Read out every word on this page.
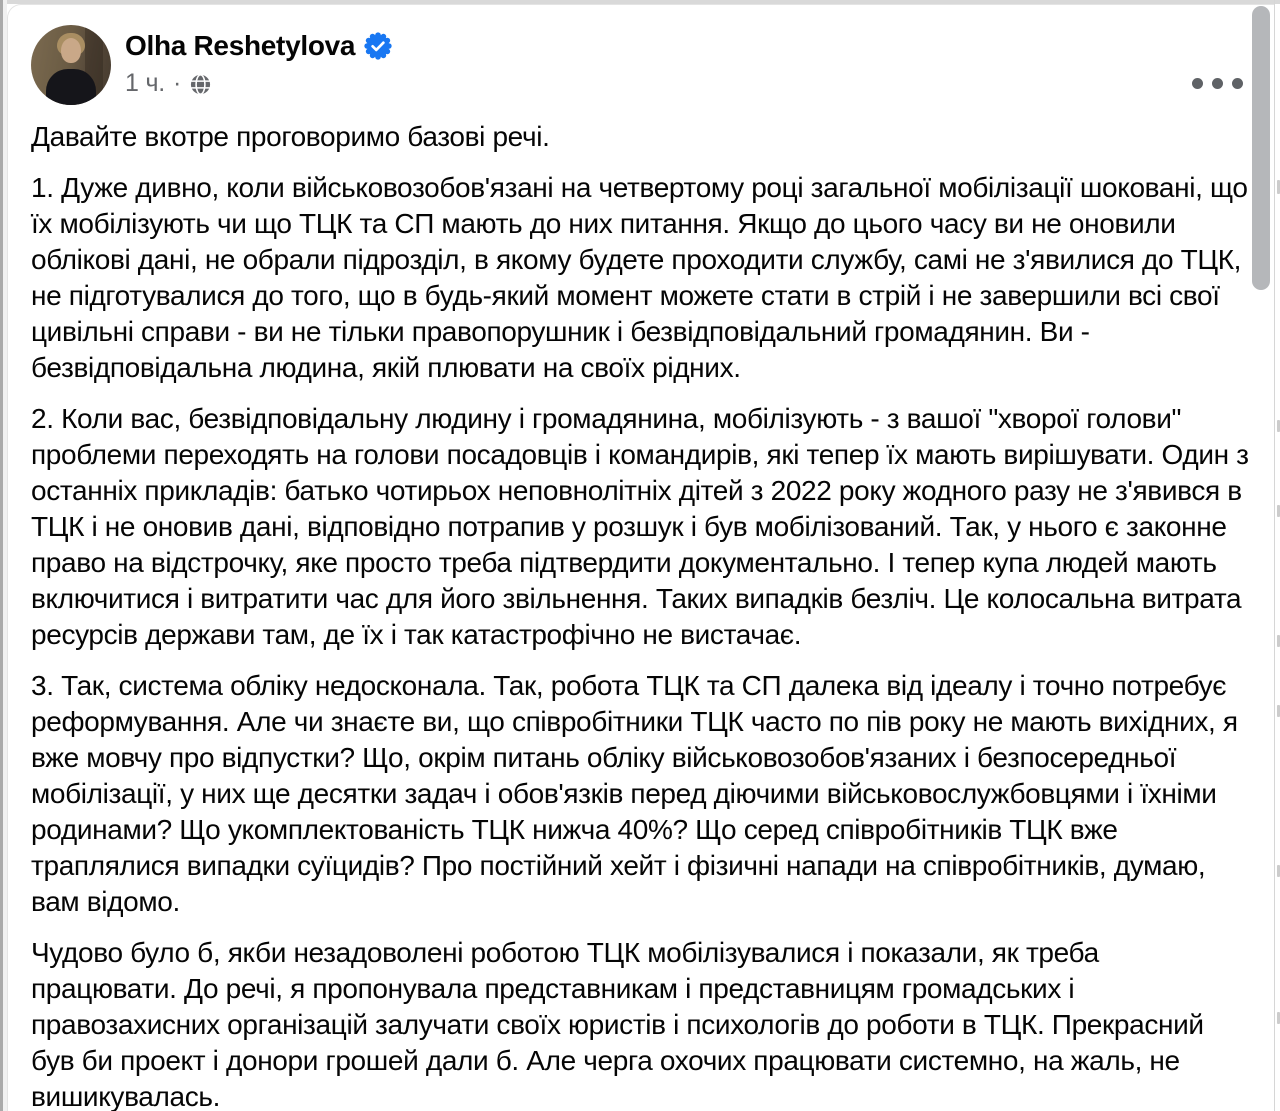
Olha Reshetylova
1 ч. ·

Давайте вкотре проговоримо базові речі.

1. Дуже дивно, коли військовозобов'язані на четвертому році загальної мобілізації шоковані, що їх мобілізують чи що ТЦК та СП мають до них питання. Якщо до цього часу ви не оновили облікові дані, не обрали підрозділ, в якому будете проходити службу, самі не з'явилися до ТЦК, не підготувалися до того, що в будь-який момент можете стати в стрій і не завершили всі свої цивільні справи - ви не тільки правопорушник і безвідповідальний громадянин. Ви - безвідповідальна людина, якій плювати на своїх рідних.

2. Коли вас, безвідповідальну людину і громадянина, мобілізують - з вашої "хворої голови" проблеми переходять на голови посадовців і командирів, які тепер їх мають вирішувати. Один з останніх прикладів: батько чотирьох неповнолітніх дітей з 2022 року жодного разу не з'явився в ТЦК і не оновив дані, відповідно потрапив у розшук і був мобілізований. Так, у нього є законне право на відстрочку, яке просто треба підтвердити документально. І тепер купа людей мають включитися і витратити час для його звільнення. Таких випадків безліч. Це колосальна витрата ресурсів держави там, де їх і так катастрофічно не вистачає.

3. Так, система обліку недосконала. Так, робота ТЦК та СП далека від ідеалу і точно потребує реформування. Але чи знаєте ви, що співробітники ТЦК часто по пів року не мають вихідних, я вже мовчу про відпустки? Що, окрім питань обліку військовозобов'язаних і безпосередньої мобілізації, у них ще десятки задач і обов'язків перед діючими військовослужбовцями і їхніми родинами? Що укомплектованість ТЦК нижча 40%? Що серед співробітників ТЦК вже траплялися випадки суїцидів? Про постійний хейт і фізичні напади на співробітників, думаю, вам відомо.

Чудово було б, якби незадоволені роботою ТЦК мобілізувалися і показали, як треба працювати. До речі, я пропонувала представникам і представницям громадських і правозахисних організацій залучати своїх юристів і психологів до роботи в ТЦК. Прекрасний був би проект і донори грошей дали б. Але черга охочих працювати системно, на жаль, не вишикувалась.
